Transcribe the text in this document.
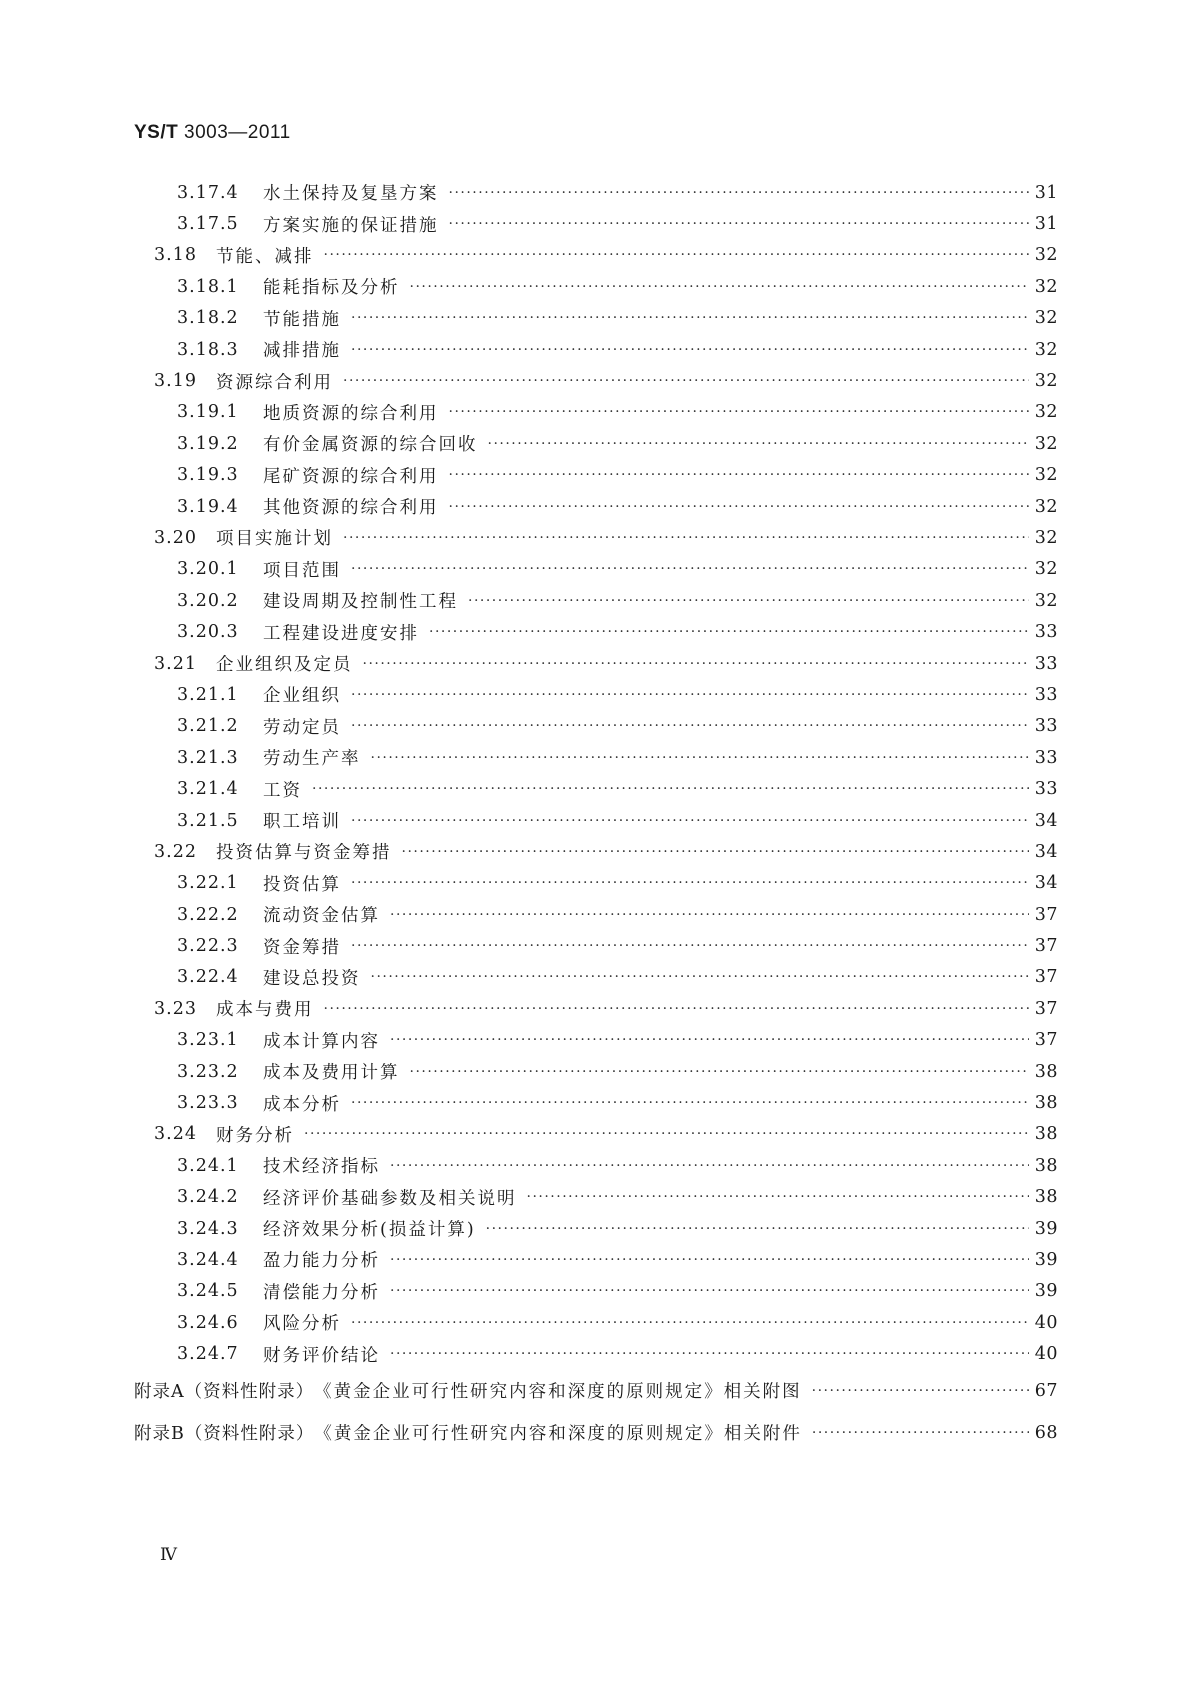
YS/T 3003—2011
3.17.4	水土保持及复垦方案 ·····	31
3.17.5	方案实施的保证措施 ·····	31
3.18	节能、减排 ·····	32
3.18.1	能耗指标及分析 ·····	32
3.18.2	节能措施 ·····	32
3.18.3	减排措施 ·····	32
3.19	资源综合利用 ·····	32
3.19.1	地质资源的综合利用 ·····	32
3.19.2	有价金属资源的综合回收 ·····	32
3.19.3	尾矿资源的综合利用 ·····	32
3.19.4	其他资源的综合利用 ·····	32
3.20	项目实施计划 ·····	32
3.20.1	项目范围 ·····	32
3.20.2	建设周期及控制性工程 ·····	32
3.20.3	工程建设进度安排 ·····	33
3.21	企业组织及定员 ·····	33
3.21.1	企业组织 ·····	33
3.21.2	劳动定员 ·····	33
3.21.3	劳动生产率 ·····	33
3.21.4	工资 ·····	33
3.21.5	职工培训 ·····	34
3.22	投资估算与资金筹措 ·····	34
3.22.1	投资估算 ·····	34
3.22.2	流动资金估算 ·····	37
3.22.3	资金筹措 ·····	37
3.22.4	建设总投资 ·····	37
3.23	成本与费用 ·····	37
3.23.1	成本计算内容 ·····	37
3.23.2	成本及费用计算 ·····	38
3.23.3	成本分析 ·····	38
3.24	财务分析 ·····	38
3.24.1	技术经济指标 ·····	38
3.24.2	经济评价基础参数及相关说明 ·····	38
3.24.3	经济效果分析(损益计算) ·····	39
3.24.4	盈力能力分析 ·····	39
3.24.5	清偿能力分析 ·····	39
3.24.6	风险分析 ·····	40
3.24.7	财务评价结论 ·····	40
附录A（资料性附录） 《黄金企业可行性研究内容和深度的原则规定》相关附图 ·····	67
附录B（资料性附录） 《黄金企业可行性研究内容和深度的原则规定》相关附件 ·····	68
Ⅳ
